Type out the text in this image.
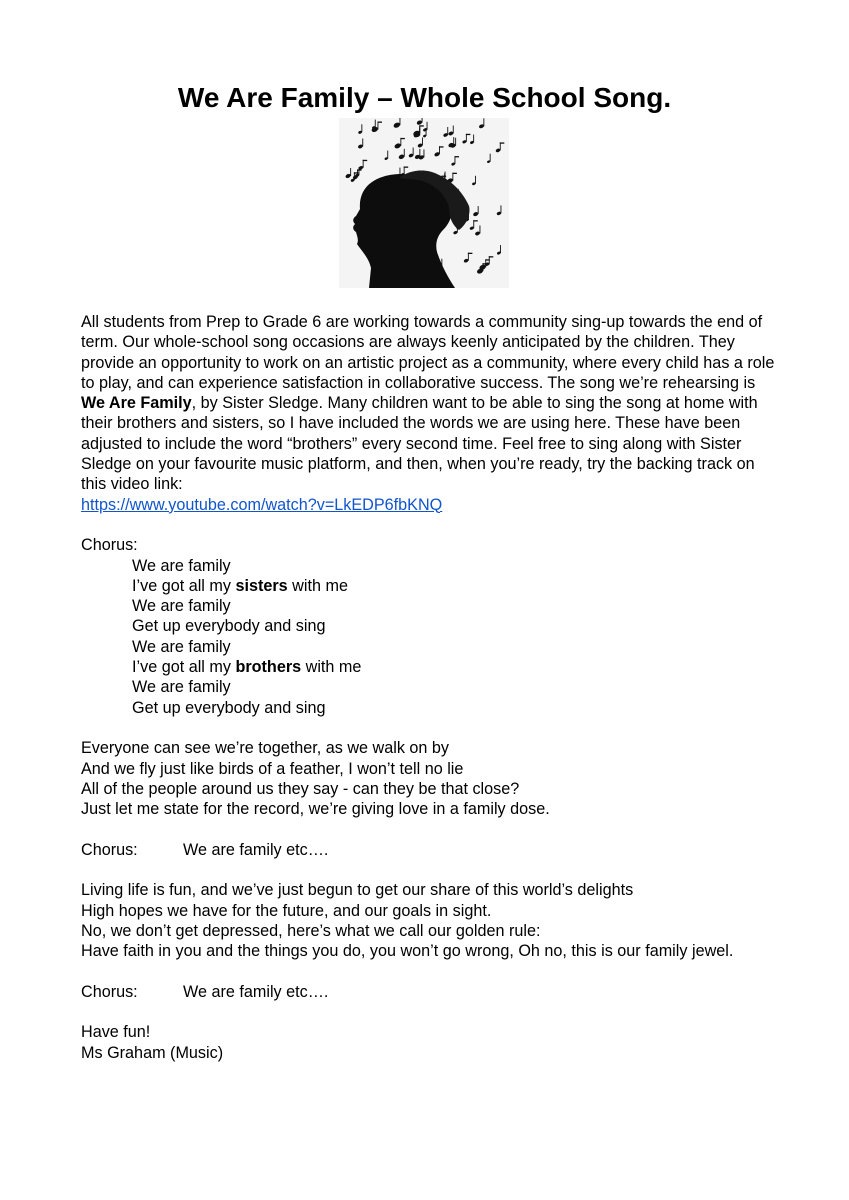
We Are Family – Whole School Song.

All students from Prep to Grade 6 are working towards a community sing-up towards the end of term. Our whole-school song occasions are always keenly anticipated by the children. They provide an opportunity to work on an artistic project as a community, where every child has a role to play, and can experience satisfaction in collaborative success. The song we’re rehearsing is We Are Family, by Sister Sledge. Many children want to be able to sing the song at home with their brothers and sisters, so I have included the words we are using here. These have been adjusted to include the word “brothers” every second time. Feel free to sing along with Sister Sledge on your favourite music platform, and then, when you’re ready, try the backing track on this video link:
https://www.youtube.com/watch?v=LkEDP6fbKNQ

Chorus:
We are family
I’ve got all my sisters with me
We are family
Get up everybody and sing
We are family
I’ve got all my brothers with me
We are family
Get up everybody and sing
Everyone can see we’re together, as we walk on by
And we fly just like birds of a feather, I won’t tell no lie
All of the people around us they say - can they be that close?
Just let me state for the record, we’re giving love in a family dose.
Chorus:	We are family etc….
Living life is fun, and we’ve just begun to get our share of this world’s delights
High hopes we have for the future, and our goals in sight.
No, we don’t get depressed, here’s what we call our golden rule:
Have faith in you and the things you do, you won’t go wrong, Oh no, this is our family jewel.
Chorus:	We are family etc….
Have fun!
Ms Graham (Music)
